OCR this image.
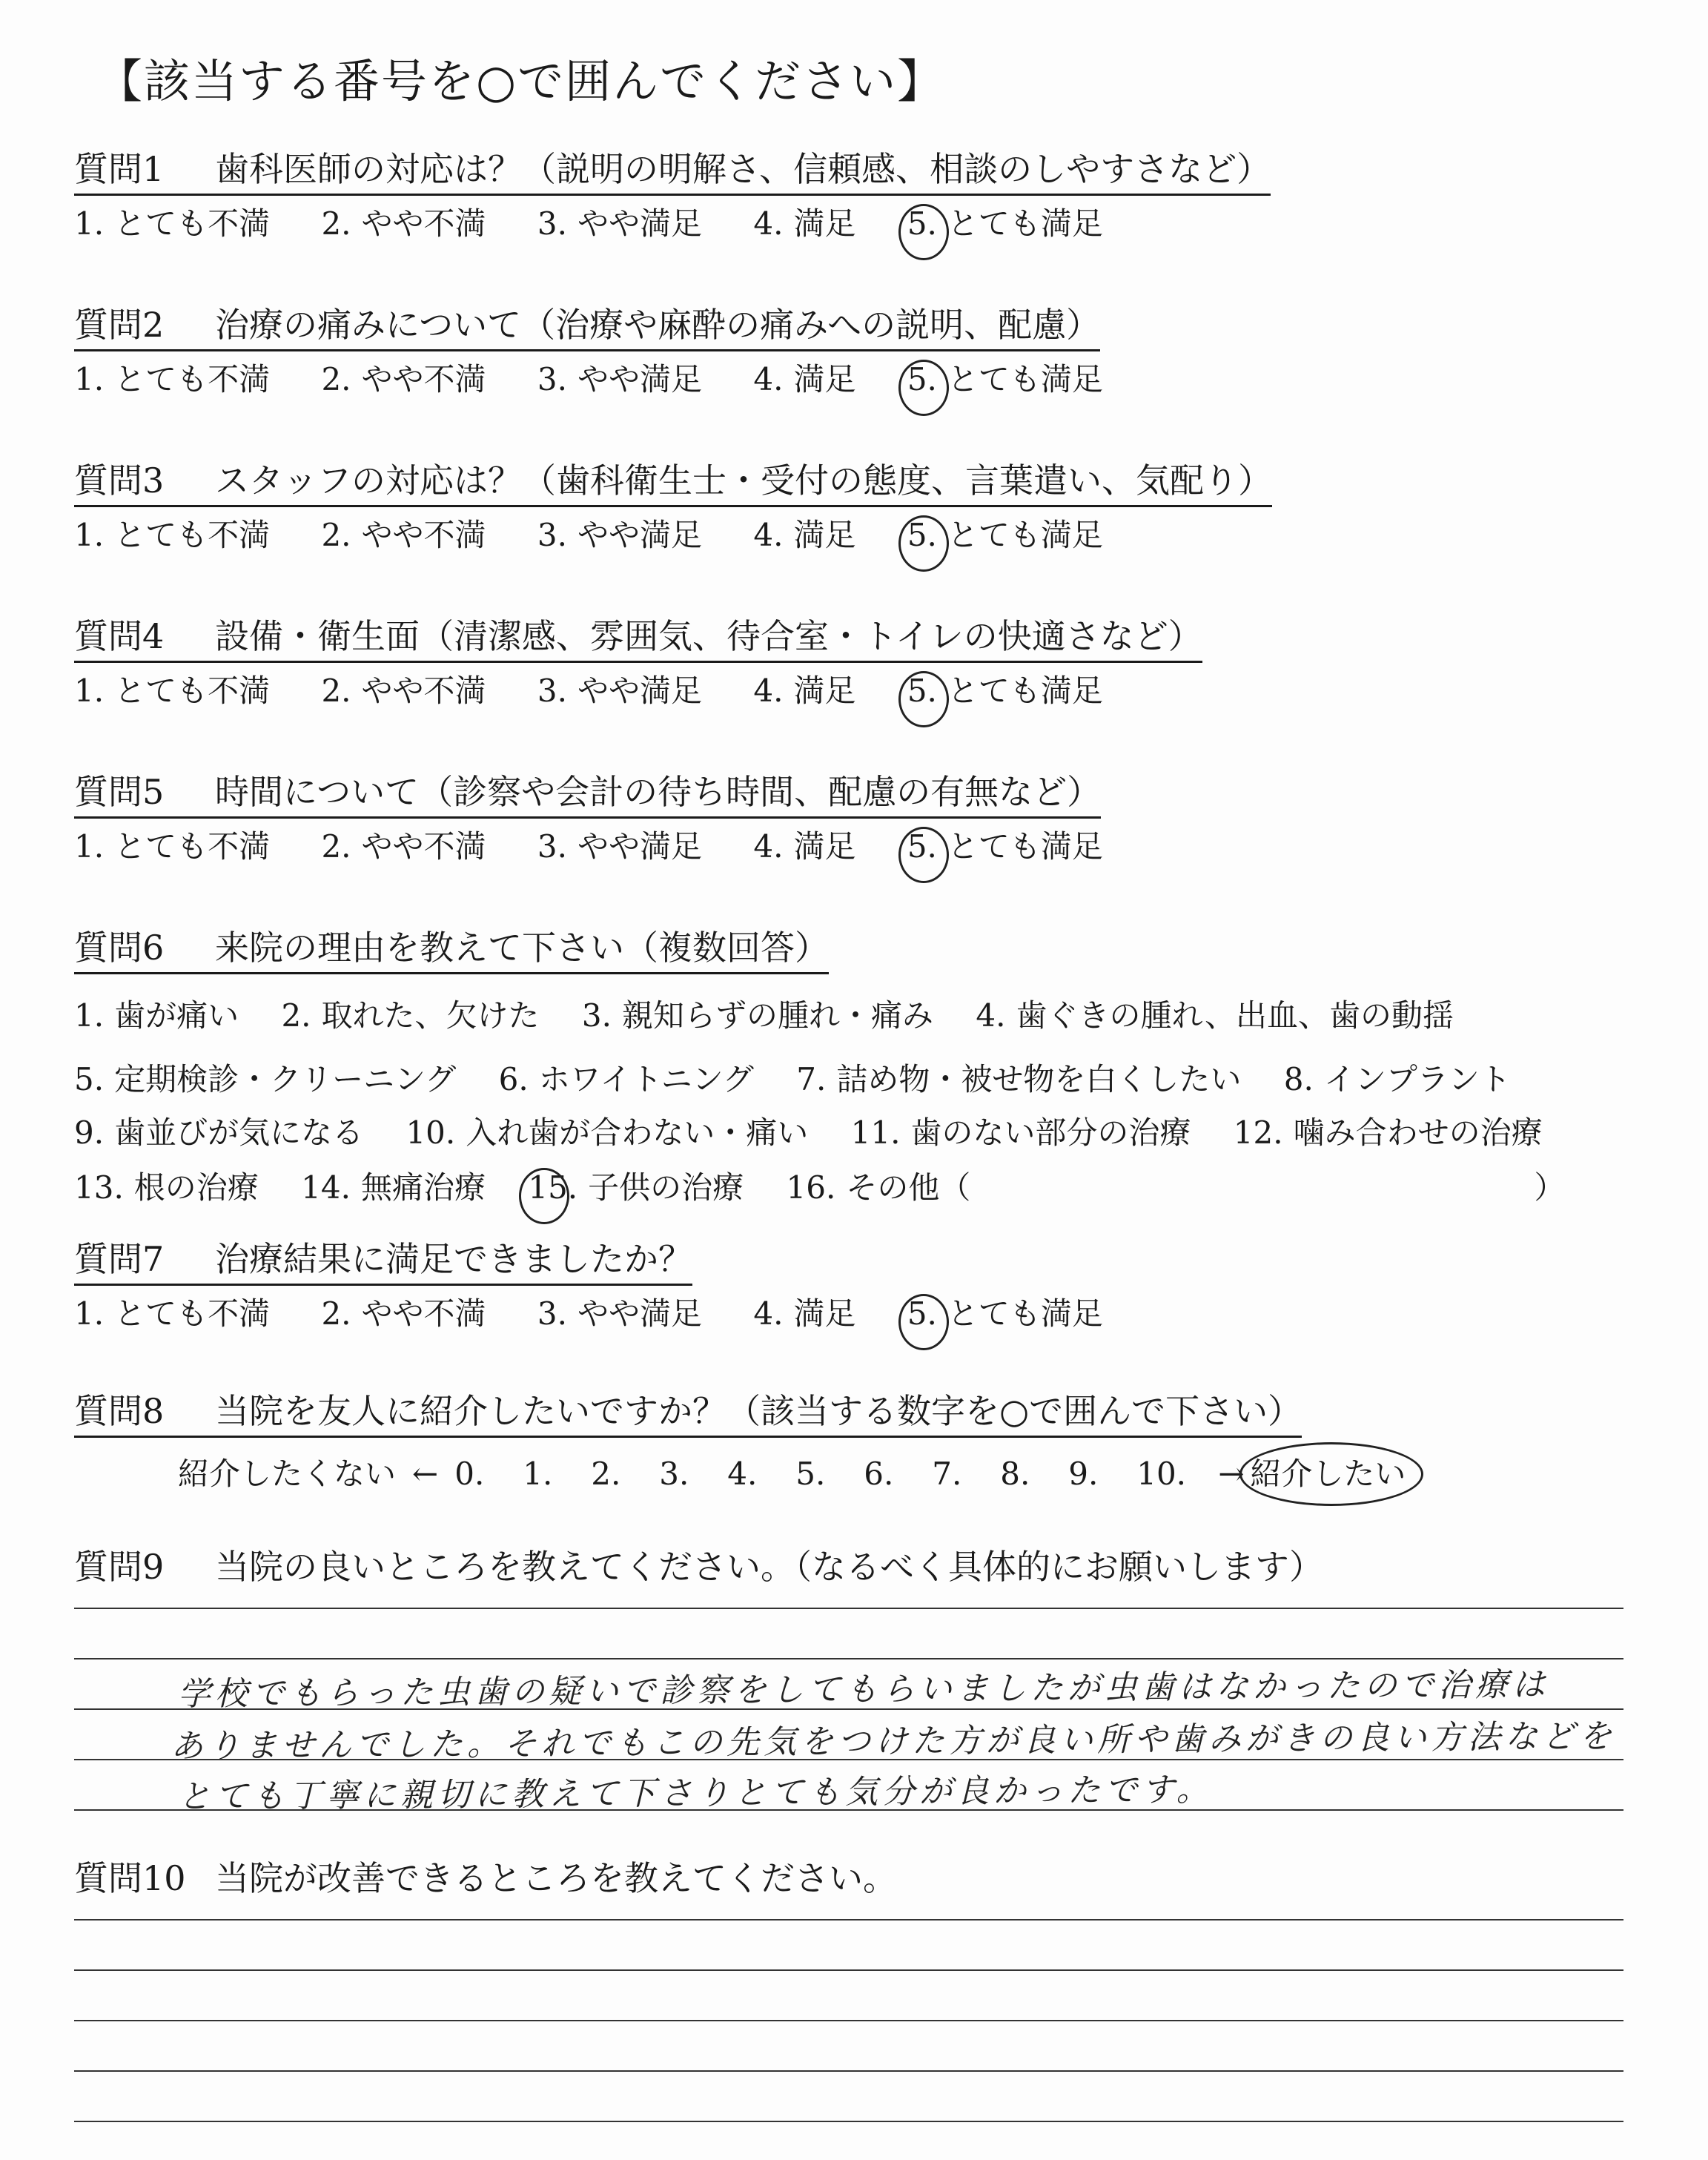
【該当する番号を○で囲んでください】
質問1 歯科医師の対応は？（説明の明解さ、信頼感、相談のしやすさなど）
1. とても不満 2. やや不満 3. やや満足 4. 満足 5. とても満足
質問2 治療の痛みについて（治療や麻酔の痛みへの説明、配慮）
1. とても不満 2. やや不満 3. やや満足 4. 満足 5. とても満足
質問3 スタッフの対応は？（歯科衛生士・受付の態度、言葉遣い、気配り）
1. とても不満 2. やや不満 3. やや満足 4. 満足 5. とても満足
質問4 設備・衛生面（清潔感、雰囲気、待合室・トイレの快適さなど）
1. とても不満 2. やや不満 3. やや満足 4. 満足 5. とても満足
質問5 時間について（診察や会計の待ち時間、配慮の有無など）
1. とても不満 2. やや不満 3. やや満足 4. 満足 5. とても満足
質問6 来院の理由を教えて下さい（複数回答）
1. 歯が痛い 2. 取れた、欠けた 3. 親知らずの腫れ・痛み 4. 歯ぐきの腫れ、出血、歯の動揺
5. 定期検診・クリーニング 6. ホワイトニング 7. 詰め物・被せ物を白くしたい 8. インプラント
9. 歯並びが気になる 10. 入れ歯が合わない・痛い 11. 歯のない部分の治療 12. 噛み合わせの治療
13. 根の治療 14. 無痛治療 15. 子供の治療 16. その他（	）
質問7 治療結果に満足できましたか？
1. とても不満 2. やや不満 3. やや満足 4. 満足 5. とても満足
質問8 当院を友人に紹介したいですか？（該当する数字を○で囲んで下さい）
紹介したくない ← 0. 1. 2. 3. 4. 5. 6. 7. 8. 9. 10. → 紹介したい
質問9 当院の良いところを教えてください。（なるべく具体的にお願いします）
学校でもらった虫歯の疑いで診察をしてもらいましたが虫歯はなかったので治療は
ありませんでした。それでもこの先気をつけた方が良い所や歯みがきの良い方法などを
とても丁寧に親切に教えて下さりとても気分が良かったです。
質問10 当院が改善できるところを教えてください。
